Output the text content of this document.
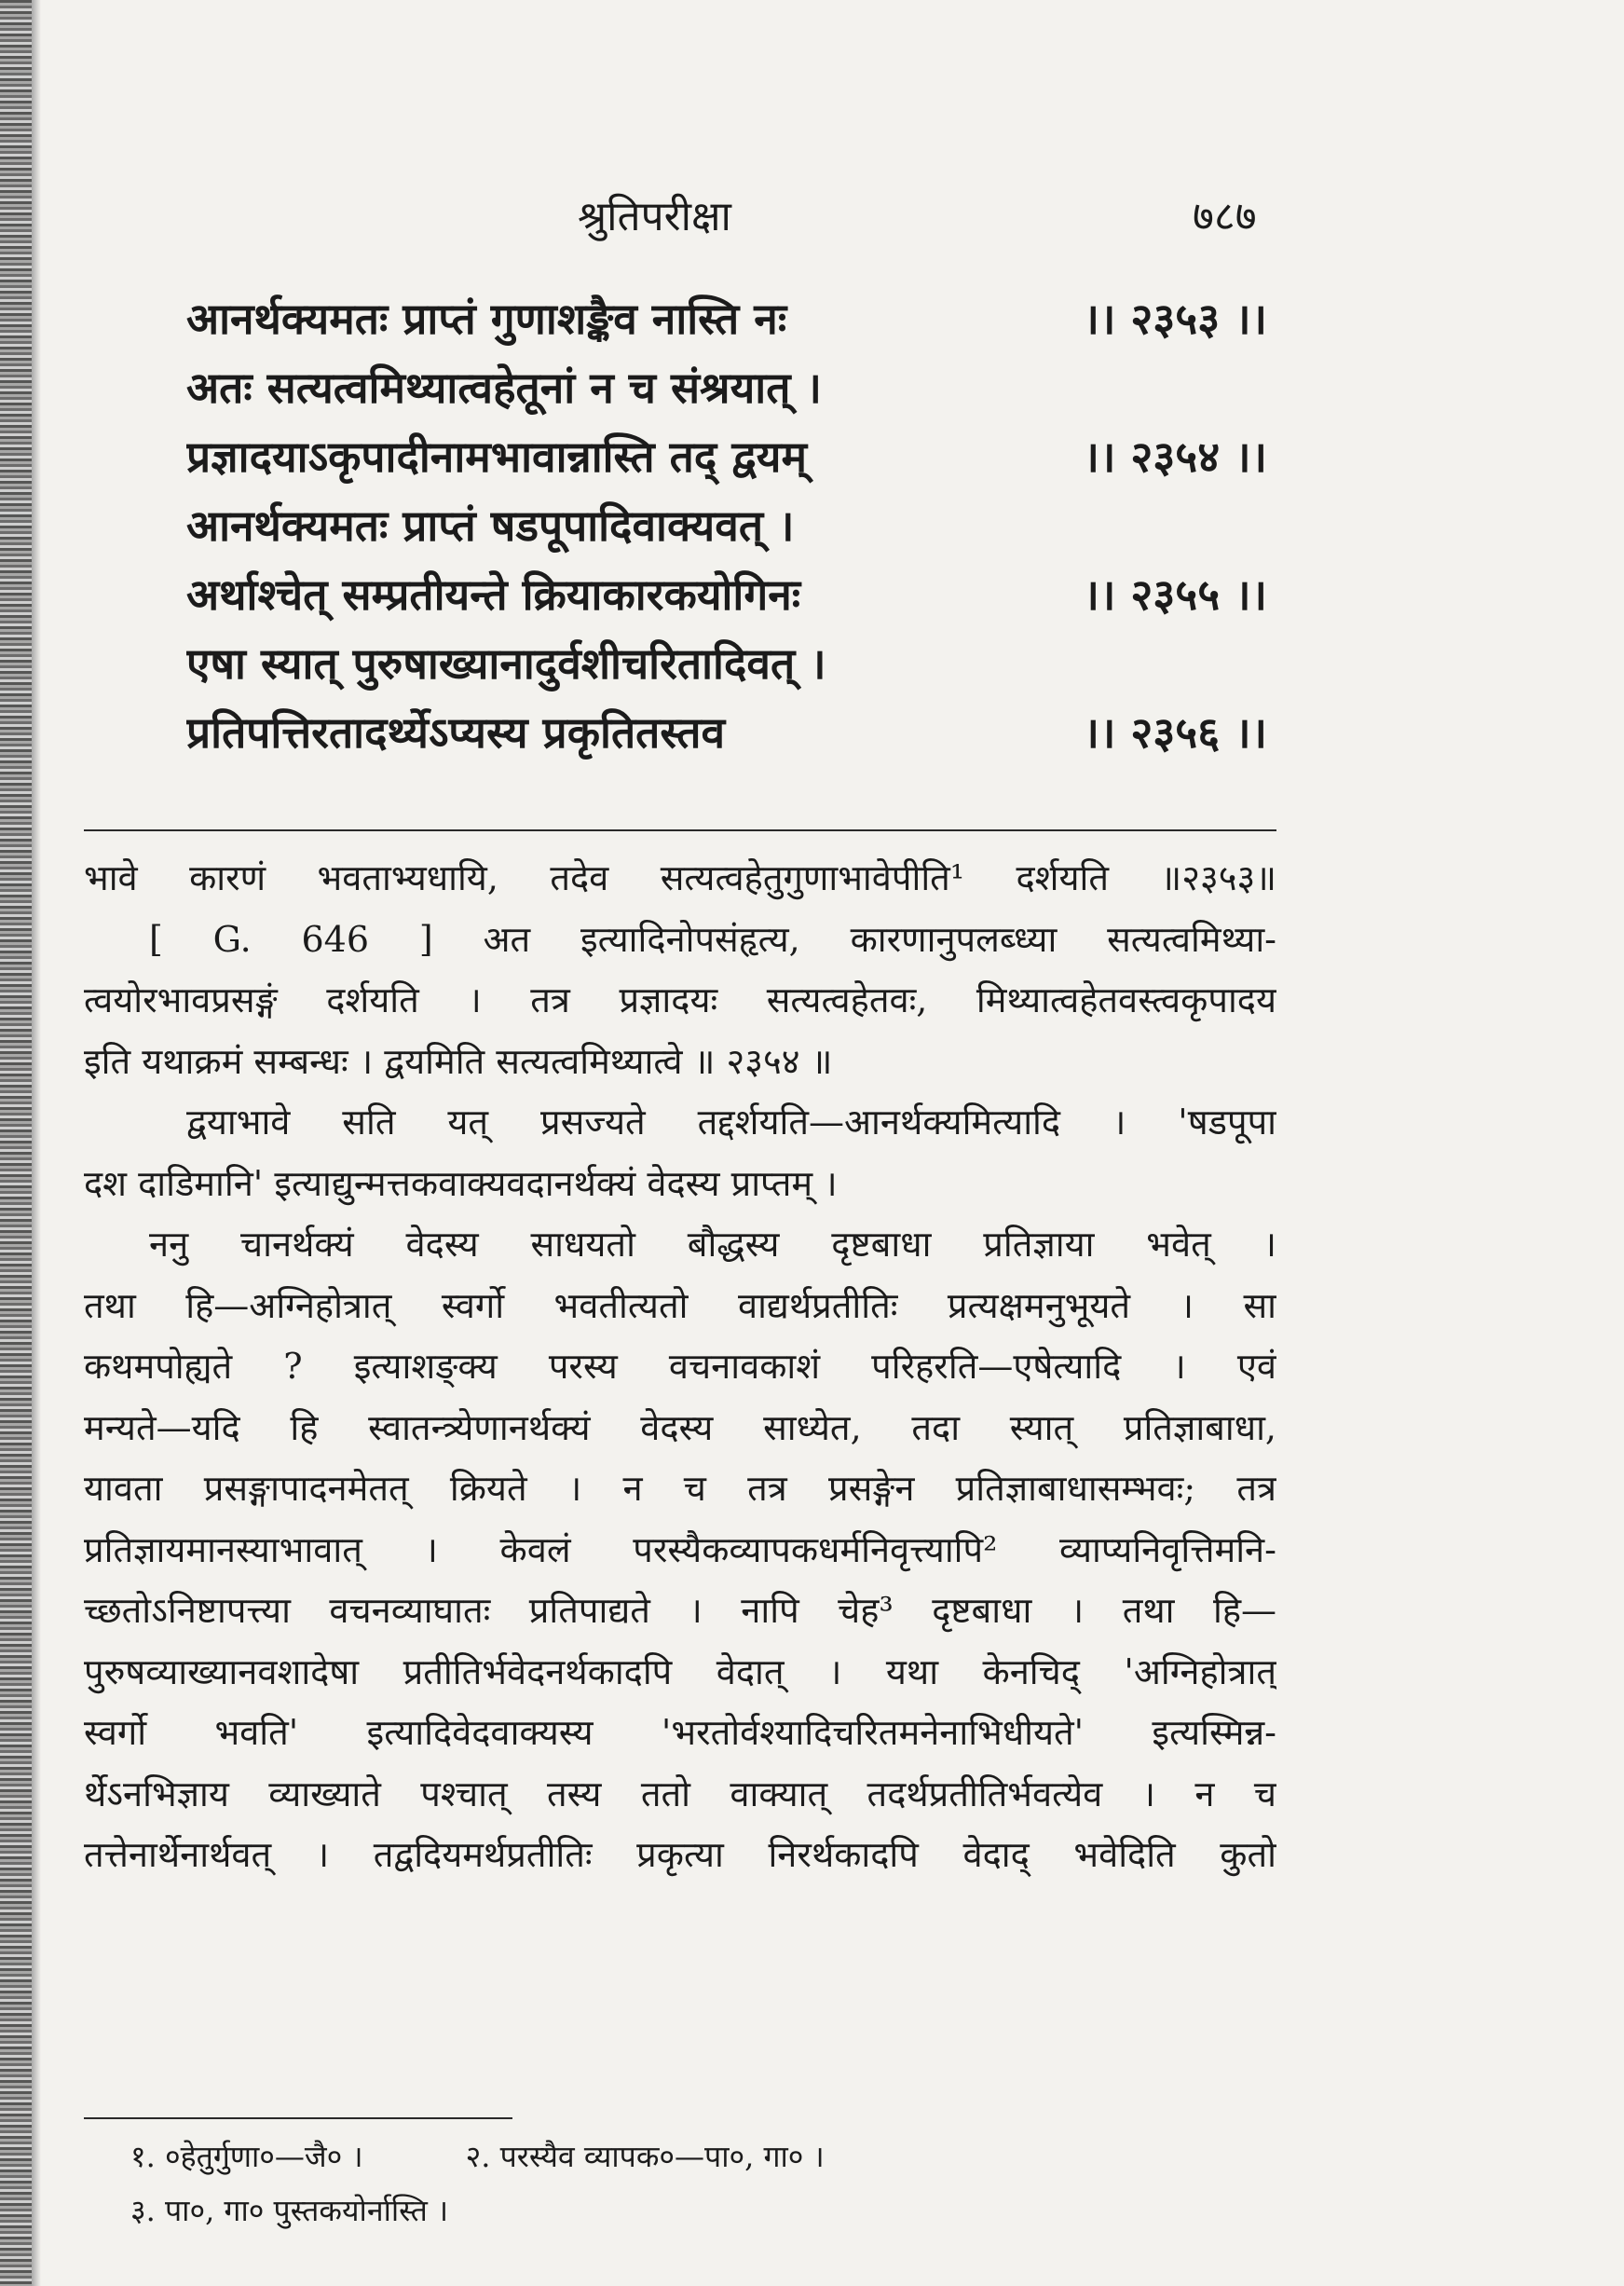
श्रुतिपरीक्षा	७८७
आनर्थक्यमतः प्राप्तं गुणाशङ्कैव नास्ति नः	।। २३५३ ।।
अतः सत्यत्वमिथ्यात्वहेतूनां न च संश्रयात् ।
प्रज्ञादयाऽकृपादीनामभावान्नास्ति तद् द्वयम्	।। २३५४ ।।
आनर्थक्यमतः प्राप्तं षडपूपादिवाक्यवत् ।
अर्थाश्चेत् सम्प्रतीयन्ते क्रियाकारकयोगिनः	।। २३५५ ।।
एषा स्यात् पुरुषाख्यानादुर्वशीचरितादिवत् ।
प्रतिपत्तिरतादर्थ्येऽप्यस्य प्रकृतितस्तव	।। २३५६ ।।
भावे कारणं भवताभ्यधायि, तदेव सत्यत्वहेतुगुणाभावेपीति¹ दर्शयति ॥२३५३॥
[ G. 646 ] अत इत्यादिनोपसंहृत्य, कारणानुपलब्ध्या सत्यत्वमिथ्या-
त्वयोरभावप्रसङ्गं दर्शयति । तत्र प्रज्ञादयः सत्यत्वहेतवः, मिथ्यात्वहेतवस्त्वकृपादय
इति यथाक्रमं सम्बन्धः । द्वयमिति सत्यत्वमिथ्यात्वे ॥ २३५४ ॥
द्वयाभावे सति यत् प्रसज्यते तद्दर्शयति—आनर्थक्यमित्यादि । 'षडपूपा
दश दाडिमानि' इत्याद्युन्मत्तकवाक्यवदानर्थक्यं वेदस्य प्राप्तम् ।
ननु चानर्थक्यं वेदस्य साधयतो बौद्धस्य दृष्टबाधा प्रतिज्ञाया भवेत् ।
तथा हि—अग्निहोत्रात् स्वर्गो भवतीत्यतो वाद्यर्थप्रतीतिः प्रत्यक्षमनुभूयते । सा
कथमपोह्यते ? इत्याशङ्क्य परस्य वचनावकाशं परिहरति—एषेत्यादि । एवं
मन्यते—यदि हि स्वातन्त्र्येणानर्थक्यं वेदस्य साध्येत, तदा स्यात् प्रतिज्ञाबाधा,
यावता प्रसङ्गापादनमेतत् क्रियते । न च तत्र प्रसङ्गेन प्रतिज्ञाबाधासम्भवः; तत्र
प्रतिज्ञायमानस्याभावात् । केवलं परस्यैकव्यापकधर्मनिवृत्त्यापि² व्याप्यनिवृत्तिमनि-
च्छतोऽनिष्टापत्त्या वचनव्याघातः प्रतिपाद्यते । नापि चेह³ दृष्टबाधा । तथा हि—
पुरुषव्याख्यानवशादेषा प्रतीतिर्भवेदनर्थकादपि वेदात् । यथा केनचिद् 'अग्निहोत्रात्
स्वर्गो भवति' इत्यादिवेदवाक्यस्य 'भरतोर्वश्यादिचरितमनेनाभिधीयते' इत्यस्मिन्न-
र्थेऽनभिज्ञाय व्याख्याते पश्चात् तस्य ततो वाक्यात् तदर्थप्रतीतिर्भवत्येव । न च
तत्तेनार्थेनार्थवत् । तद्वदियमर्थप्रतीतिः प्रकृत्या निरर्थकादपि वेदाद् भवेदिति कुतो
१. ०हेतुर्गुणा०—जै० ।	२. परस्यैव व्यापक०—पा०, गा० ।
३. पा०, गा० पुस्तकयोर्नास्ति ।
